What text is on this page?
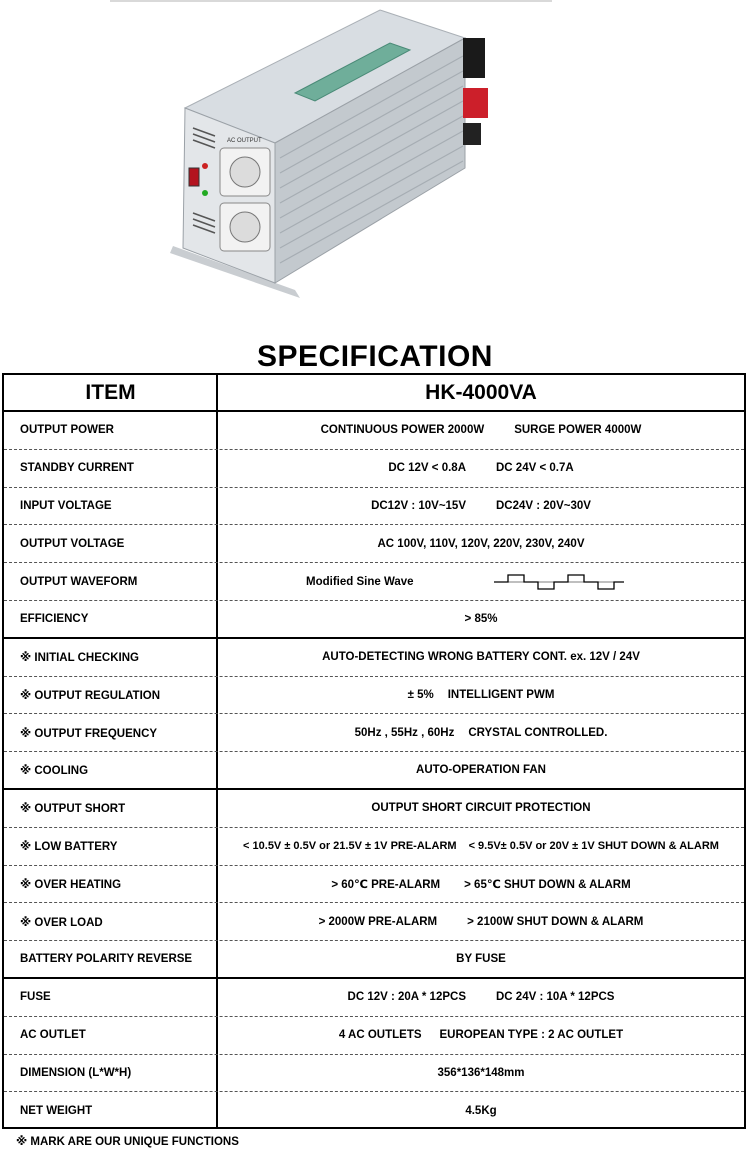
AC OUTPUT
SPECIFICATION
ITEM	HK-4000VA
OUTPUT POWER	CONTINUOUS POWER 2000W	SURGE POWER 4000W
STANDBY CURRENT	DC 12V < 0.8A	DC 24V < 0.7A
INPUT VOLTAGE	DC12V : 10V~15V	DC24V : 20V~30V
OUTPUT VOLTAGE	AC 100V, 110V, 120V, 220V, 230V, 240V
OUTPUT WAVEFORM	Modified Sine Wave
EFFICIENCY	> 85%
※ INITIAL CHECKING	AUTO-DETECTING WRONG BATTERY CONT. ex. 12V / 24V
※ OUTPUT REGULATION	± 5% INTELLIGENT PWM
※ OUTPUT FREQUENCY	50Hz , 55Hz , 60Hz CRYSTAL CONTROLLED.
※ COOLING	AUTO-OPERATION FAN
※ OUTPUT SHORT	OUTPUT SHORT CIRCUIT PROTECTION
※ LOW BATTERY	< 10.5V ± 0.5V or 21.5V ± 1V PRE-ALARM < 9.5V± 0.5V or 20V ± 1V SHUT DOWN & ALARM
※ OVER HEATING	> 60℃ PRE-ALARM > 65℃ SHUT DOWN & ALARM
※ OVER LOAD	> 2000W PRE-ALARM	> 2100W SHUT DOWN & ALARM
BATTERY POLARITY REVERSE	BY FUSE
FUSE	DC 12V : 20A * 12PCS	DC 24V : 10A * 12PCS
AC OUTLET	4 AC OUTLETS EUROPEAN TYPE : 2 AC OUTLET
DIMENSION (L*W*H)	356*136*148mm
NET WEIGHT	4.5Kg
※ MARK ARE OUR UNIQUE FUNCTIONS
